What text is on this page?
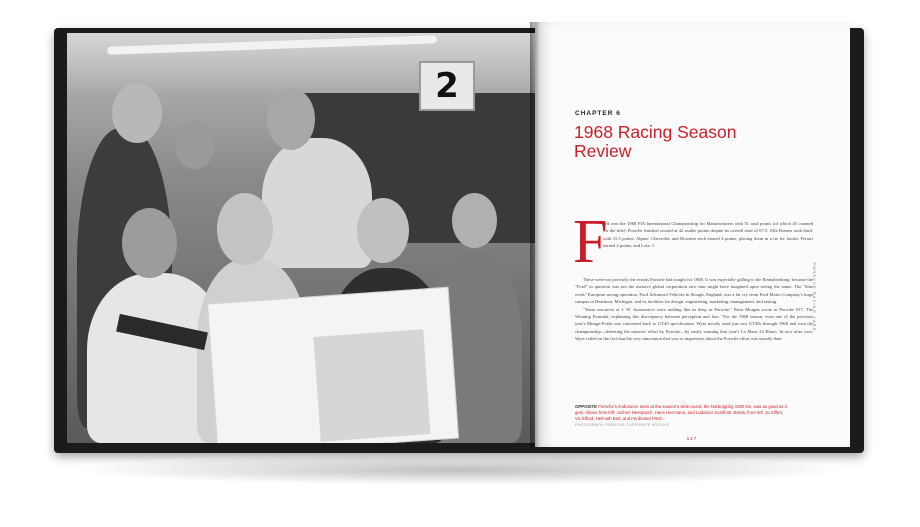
2
CHAPTER 6
1968 Racing Season Review
F

ord won the 1968 FIA International Championship for Manufacturers with 51 total points (of which 45 counted for the title). Porsche finished second at 42 usable points despite its overall total of 67.5. Alfa Romeo took third, with 15.5 points. Alpine, Chevrolet, and Howmet each earned 4 points, placing them in a tie for fourth; Ferrari earned 2 points, and Lola, 1.

These were not precisely the results Porsche had sought for 1968. It was especially galling to the Rennabteilung, because the "Ford" in question was not the massive global corporation race fans might have imagined upon seeing the name. The "blue ovals" European racing operation, Ford Advanced Vehicles in Slough, England, was a far cry from Ford Motor Company's huge campus in Dearborn, Michigan, and its facilities for design, engineering, marketing, management, and testing.

"Team resources at J. W. Automotive were nothing like as deep as Porsche," Peter Morgan wrote in Porsche 917: The Winning Formula, explaining this discrepancy between perception and fact. "For the 1968 season, even one of the previous year's Mirage-Fords was converted back to GT40 specification. Wyer mostly used just two GT40s through 1968 and won the championship—defeating the massive effort by Porsche—by easily winning that year's Le Mans 24 Hours. In race after race, Wyer relied on the fact that the very innovation that was so impressive about the Porsche effort was usually their

OPPOSITE Porsche's endurance team at the season's wide round, the Nürburgring 1000 km, was as good as it gets. Above from left: Jochen Neerpasch, Hans Herrmann, and Ludovico Scarfiotti. Below, from left: Jo Siffert, Vic Elford, Helmuth Bott, and Ferdinand Piëch.
PHOTOGRAPH: PORSCHE CORPORATE ARCHIVE
117
PORSCHE RACING CARS
